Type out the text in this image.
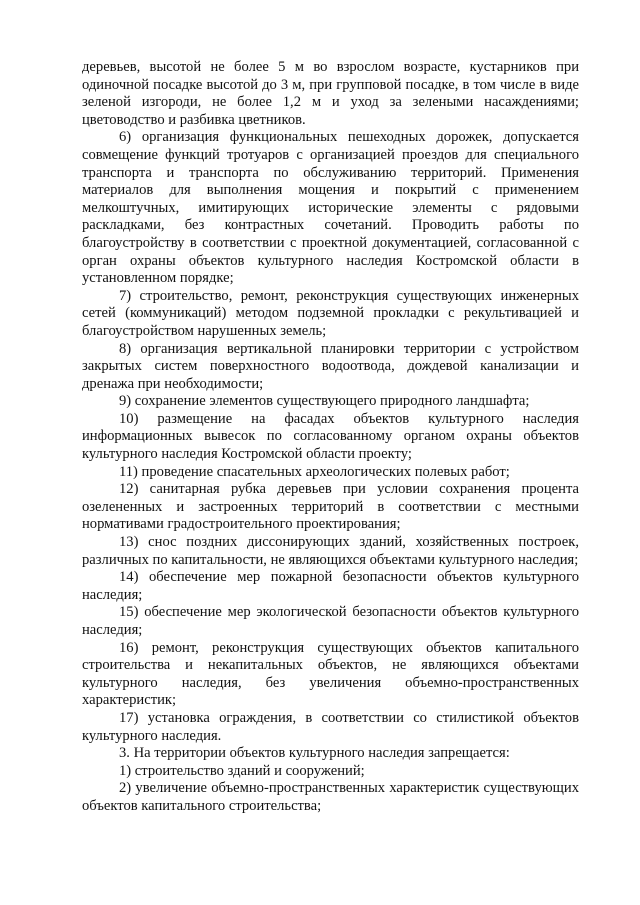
деревьев, высотой не более 5 м во взрослом возрасте, кустарников при одиночной посадке высотой до 3 м, при групповой посадке, в том числе в виде зеленой изгороди, не более 1,2 м и уход за зелеными насаждениями; цветоводство и разбивка цветников.

6) организация функциональных пешеходных дорожек, допускается совмещение функций тротуаров с организацией проездов для специального транспорта и транспорта по обслуживанию территорий. Применения материалов для выполнения мощения и покрытий с применением мелкоштучных, имитирующих исторические элементы с рядовыми раскладками, без контрастных сочетаний. Проводить работы по благоустройству в соответствии с проектной документацией, согласованной с орган охраны объектов культурного наследия Костромской области в установленном порядке;

7) строительство, ремонт, реконструкция существующих инженерных сетей (коммуникаций) методом подземной прокладки с рекультивацией и благоустройством нарушенных земель;

8) организация вертикальной планировки территории с устройством закрытых систем поверхностного водоотвода, дождевой канализации и дренажа при необходимости;

9) сохранение элементов существующего природного ландшафта;

10) размещение на фасадах объектов культурного наследия информационных вывесок по согласованному органом охраны объектов культурного наследия Костромской области проекту;

11) проведение спасательных археологических полевых работ;

12) санитарная рубка деревьев при условии сохранения процента озелененных и застроенных территорий в соответствии с местными нормативами градостроительного проектирования;

13) снос поздних диссонирующих зданий, хозяйственных построек, различных по капитальности, не являющихся объектами культурного наследия;

14) обеспечение мер пожарной безопасности объектов культурного наследия;

15) обеспечение мер экологической безопасности объектов культурного наследия;

16) ремонт, реконструкция существующих объектов капитального строительства и некапитальных объектов, не являющихся объектами культурного наследия, без увеличения объемно-пространственных характеристик;

17) установка ограждения, в соответствии со стилистикой объектов культурного наследия.

3. На территории объектов культурного наследия запрещается:

1) строительство зданий и сооружений;

2) увеличение объемно-пространственных характеристик существующих объектов капитального строительства;
